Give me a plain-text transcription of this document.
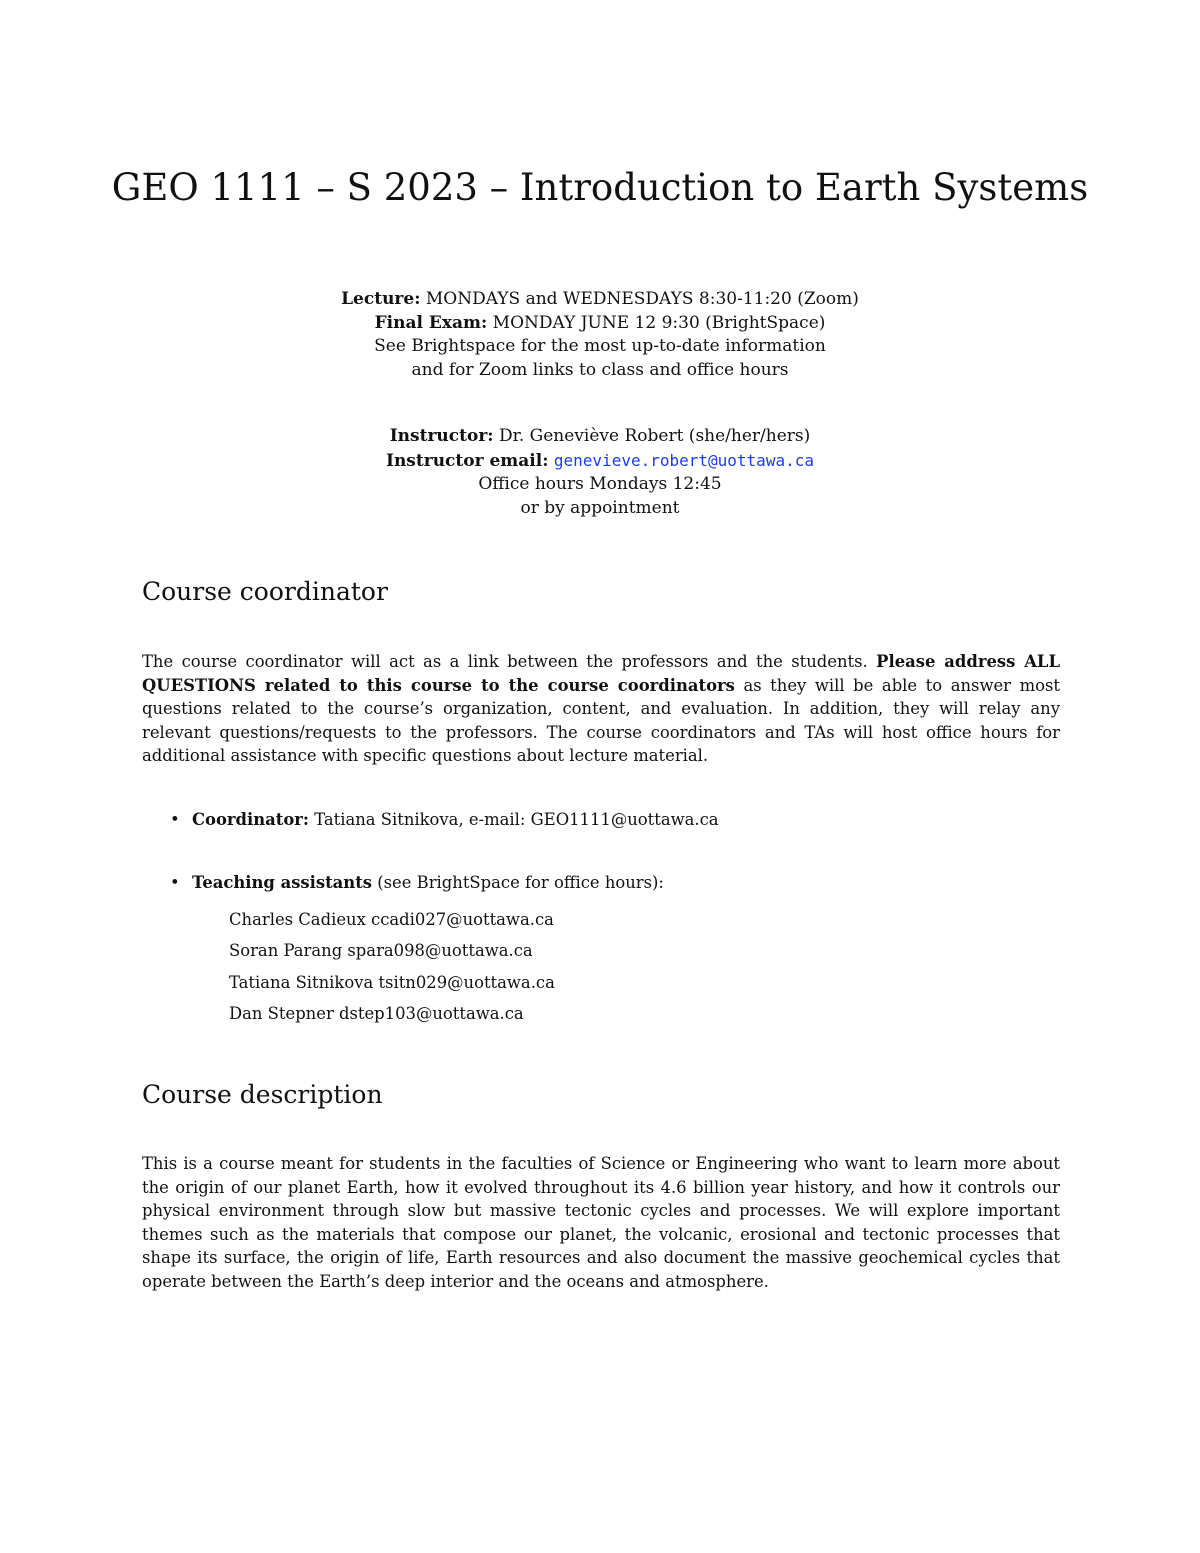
GEO 1111 – S 2023 – Introduction to Earth Systems

Lecture: MONDAYS and WEDNESDAYS 8:30-11:20 (Zoom)

Final Exam: MONDAY JUNE 12 9:30 (BrightSpace)

See Brightspace for the most up-to-date information

and for Zoom links to class and office hours

Instructor: Dr. Geneviève Robert (she/her/hers)

Instructor email: genevieve.robert@uottawa.ca

Office hours Mondays 12:45

or by appointment

Course coordinator

The course coordinator will act as a link between the professors and the students. Please address ALL QUESTIONS related to this course to the course coordinators as they will be able to answer most questions related to the course’s organization, content, and evaluation. In addition, they will relay any relevant questions/requests to the professors. The course coordinators and TAs will host office hours for additional assistance with specific questions about lecture material.

• Coordinator: Tatiana Sitnikova, e-mail: GEO1111@uottawa.ca

• Teaching assistants (see BrightSpace for office hours):

Charles Cadieux ccadi027@uottawa.ca
Soran Parang spara098@uottawa.ca
Tatiana Sitnikova tsitn029@uottawa.ca
Dan Stepner dstep103@uottawa.ca
Course description

This is a course meant for students in the faculties of Science or Engineering who want to learn more about the origin of our planet Earth, how it evolved throughout its 4.6 billion year history, and how it controls our physical environment through slow but massive tectonic cycles and processes. We will explore important themes such as the materials that compose our planet, the volcanic, erosional and tectonic processes that shape its surface, the origin of life, Earth resources and also document the massive geochemical cycles that operate between the Earth’s deep interior and the oceans and atmosphere.
